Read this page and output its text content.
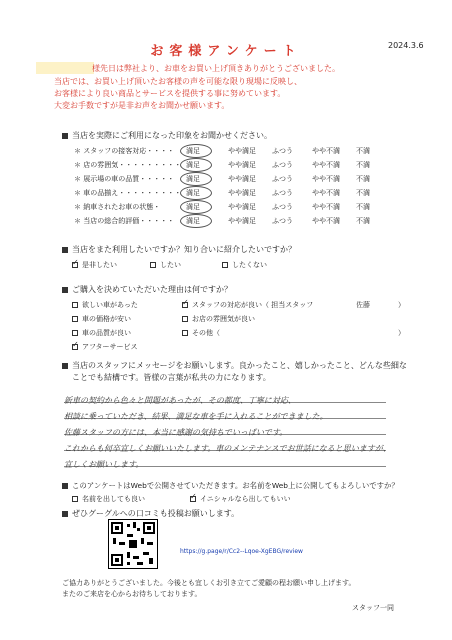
お客様アンケート	2024.3.6
様先日は弊社より、お車をお買い上げ頂きありがとうございました。
当店では、お買い上げ頂いたお客様の声を可能な限り現場に反映し、
お客様により良い商品とサービスを提供する事に努めています。
大変お手数ですが是非お声をお聞かせ願います。
当店を実際にご利用になった印象をお聞かせください。
＊ スタッフの接客対応・・・・ 満足	やや満足 ふつう	やや不満 不満
＊ 店の雰囲気・・・・・・・・・ 満足	やや満足 ふつう	やや不満 不満
＊ 展示場の車の品質・・・・・ 満足	やや満足 ふつう	やや不満 不満
＊ 車の品揃え・・・・・・・・・ 満足	やや満足 ふつう	やや不満 不満
＊ 納車されたお車の状態・	満足	やや満足 ふつう	やや不満 不満
＊ 当店の総合的評価・・・・・ 満足	やや満足 ふつう	やや不満 不満
当店をまた利用したいですか？知り合いに紹介したいですか？
✓是非したい	したい	したくない
ご購入を決めていただいた理由は何ですか？
欲しい車があった
車の価格が安い
車の品質が良い
✓アフターサービス
✓スタッフの対応が良い（ 担当スタッフ	佐藤	）
お店の雰囲気が良い
その他（	）
当店のスタッフにメッセージをお願いします。良かったこと、嬉しかったこと、どんな些細な
ことでも結構です。皆様の言葉が私共の力になります。
新車の契約から色々と問題があったが、その都度、丁寧に対応、
相談に乗っていただき、結果、満足な車を手に入れることができました。
佐藤スタッフの方には、本当に感謝の気持ちでいっぱいです。
これからも何卒宜しくお願いいたします。車のメンテナンスでお世話になると思いますが、
宜しくお願いします。
このアンケートはWebで公開させていただきます。お名前をWeb上に公開してもよろしいですか？
名前を出しても良い ✓	イニシャルなら出してもいい
ぜひグーグルへの口コミも投稿お願いします。
https://g.page/r/Cc2--Lqoe-XgEBG/review
ご協力ありがとうございました。今後とも宜しくお引き立てご愛顧の程お願い申し上げます。
またのご来店を心からお待ちしております。
スタッフ一同
